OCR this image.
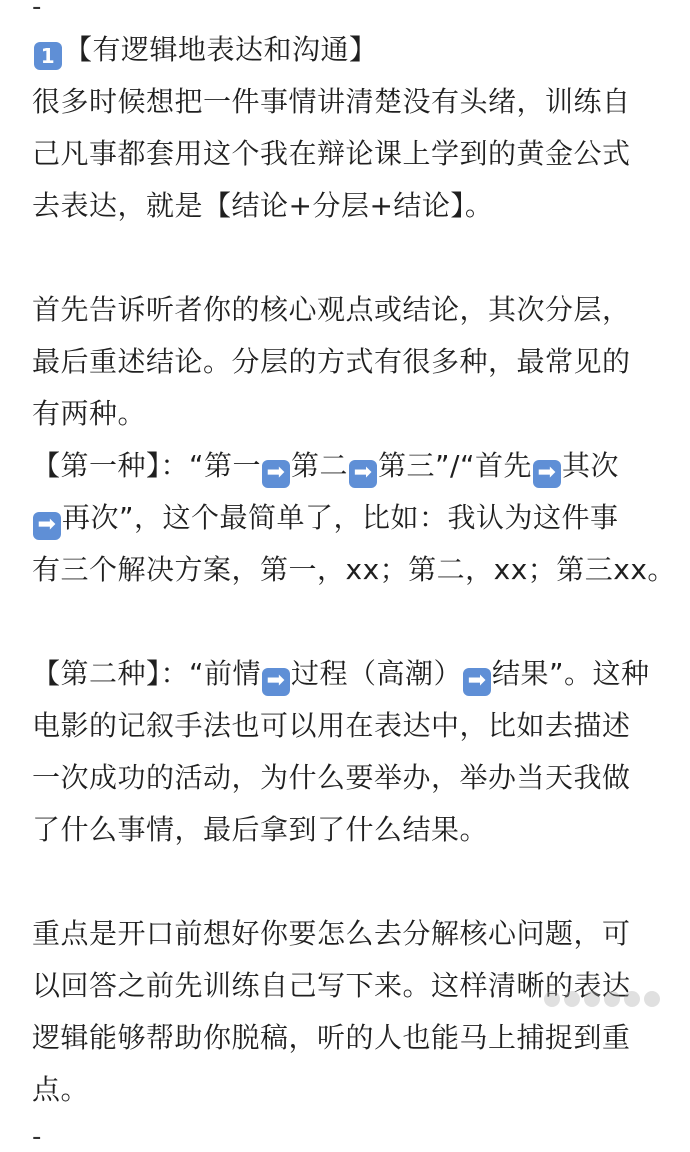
-
1 【有逻辑地表达和沟通】
很多时候想把一件事情讲清楚没有头绪，训练自
己凡事都套用这个我在辩论课上学到的黄金公式
去表达，就是【结论+分层+结论】。
首先告诉听者你的核心观点或结论，其次分层，
最后重述结论。分层的方式有很多种，最常见的
有两种。
【第一种】：“第一 ➡ 第二 ➡ 第三”/“首先 ➡ 其次
➡ 再次”，这个最简单了，比如：我认为这件事
有三个解决方案，第一，xx；第二，xx；第三xx。
【第二种】：“前情 ➡ 过程（高潮） ➡ 结果”。这种
电影的记叙手法也可以用在表达中，比如去描述
一次成功的活动，为什么要举办，举办当天我做
了什么事情，最后拿到了什么结果。
重点是开口前想好你要怎么去分解核心问题，可
以回答之前先训练自己写下来。这样清晰的表达
逻辑能够帮助你脱稿，听的人也能马上捕捉到重
点。
-
